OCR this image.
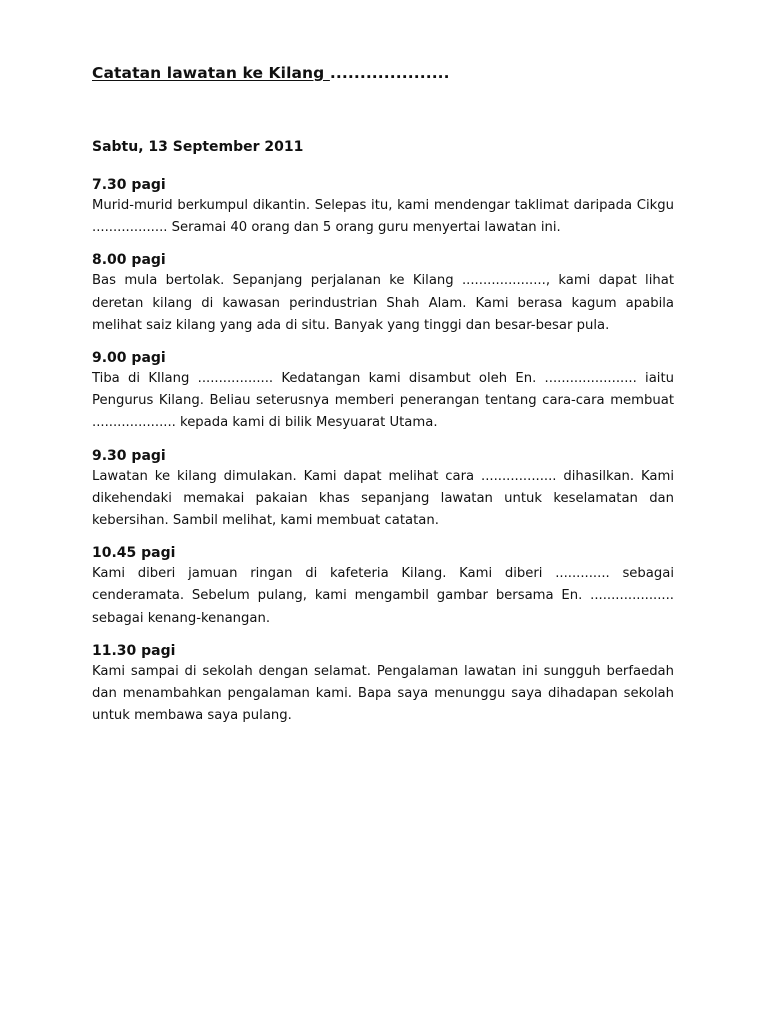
Catatan lawatan ke Kilang ....................
Sabtu, 13 September 2011
7.30 pagi

Murid-murid berkumpul dikantin. Selepas itu, kami mendengar taklimat daripada Cikgu .................. Seramai 40 orang dan 5 orang guru menyertai lawatan ini.

8.00 pagi

Bas mula bertolak. Sepanjang perjalanan ke Kilang ...................., kami dapat lihat deretan kilang di kawasan perindustrian Shah Alam. Kami berasa kagum apabila melihat saiz kilang yang ada di situ. Banyak yang tinggi dan besar-besar pula.

9.00 pagi

Tiba di KIlang .................. Kedatangan kami disambut oleh En. ...................... iaitu Pengurus Kilang. Beliau seterusnya memberi penerangan tentang cara-cara membuat .................... kepada kami di bilik Mesyuarat Utama.

9.30 pagi

Lawatan ke kilang dimulakan. Kami dapat melihat cara .................. dihasilkan. Kami dikehendaki memakai pakaian khas sepanjang lawatan untuk keselamatan dan kebersihan. Sambil melihat, kami membuat catatan.

10.45 pagi

Kami diberi jamuan ringan di kafeteria Kilang. Kami diberi ............. sebagai cenderamata. Sebelum pulang, kami mengambil gambar bersama En. .................... sebagai kenang-kenangan.

11.30 pagi

Kami sampai di sekolah dengan selamat. Pengalaman lawatan ini sungguh berfaedah dan menambahkan pengalaman kami. Bapa saya menunggu saya dihadapan sekolah untuk membawa saya pulang.
